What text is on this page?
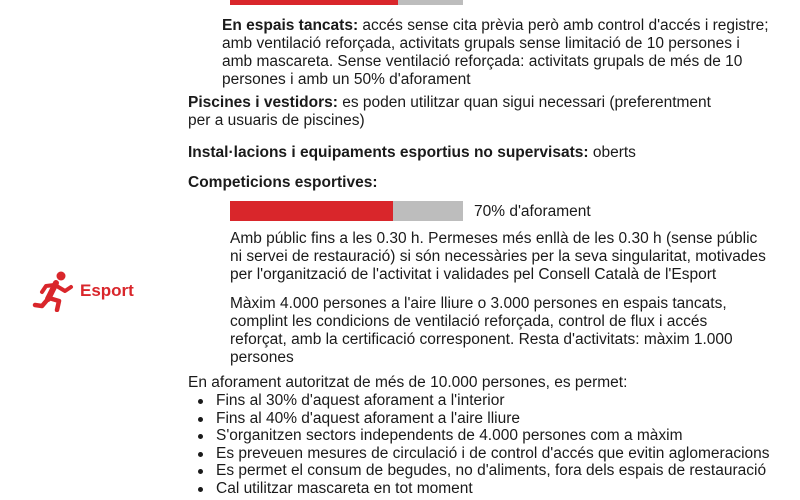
En espais tancats: accés sense cita prèvia però amb control d'accés i registre;
amb ventilació reforçada, activitats grupals sense limitació de 10 persones i
amb mascareta. Sense ventilació reforçada: activitats grupals de més de 10
persones i amb un 50% d'aforament
Piscines i vestidors: es poden utilitzar quan sigui necessari (preferentment
per a usuaris de piscines)
Instal·lacions i equipaments esportius no supervisats: oberts
Competicions esportives:
70% d'aforament
Amb públic fins a les 0.30 h. Permeses més enllà de les 0.30 h (sense públic
ni servei de restauració) si són necessàries per la seva singularitat, motivades
per l'organització de l'activitat i validades pel Consell Català de l'Esport
Màxim 4.000 persones a l'aire lliure o 3.000 persones en espais tancats,
complint les condicions de ventilació reforçada, control de flux i accés
reforçat, amb la certificació corresponent. Resta d'activitats: màxim 1.000
persones
Esport
En aforament autoritzat de més de 10.000 persones, es permet:
Fins al 30% d'aquest aforament a l'interior
Fins al 40% d'aquest aforament a l'aire lliure
S'organitzen sectors independents de 4.000 persones com a màxim
Es preveuen mesures de circulació i de control d'accés que evitin aglomeracions
Es permet el consum de begudes, no d'aliments, fora dels espais de restauració
Cal utilitzar mascareta en tot moment
